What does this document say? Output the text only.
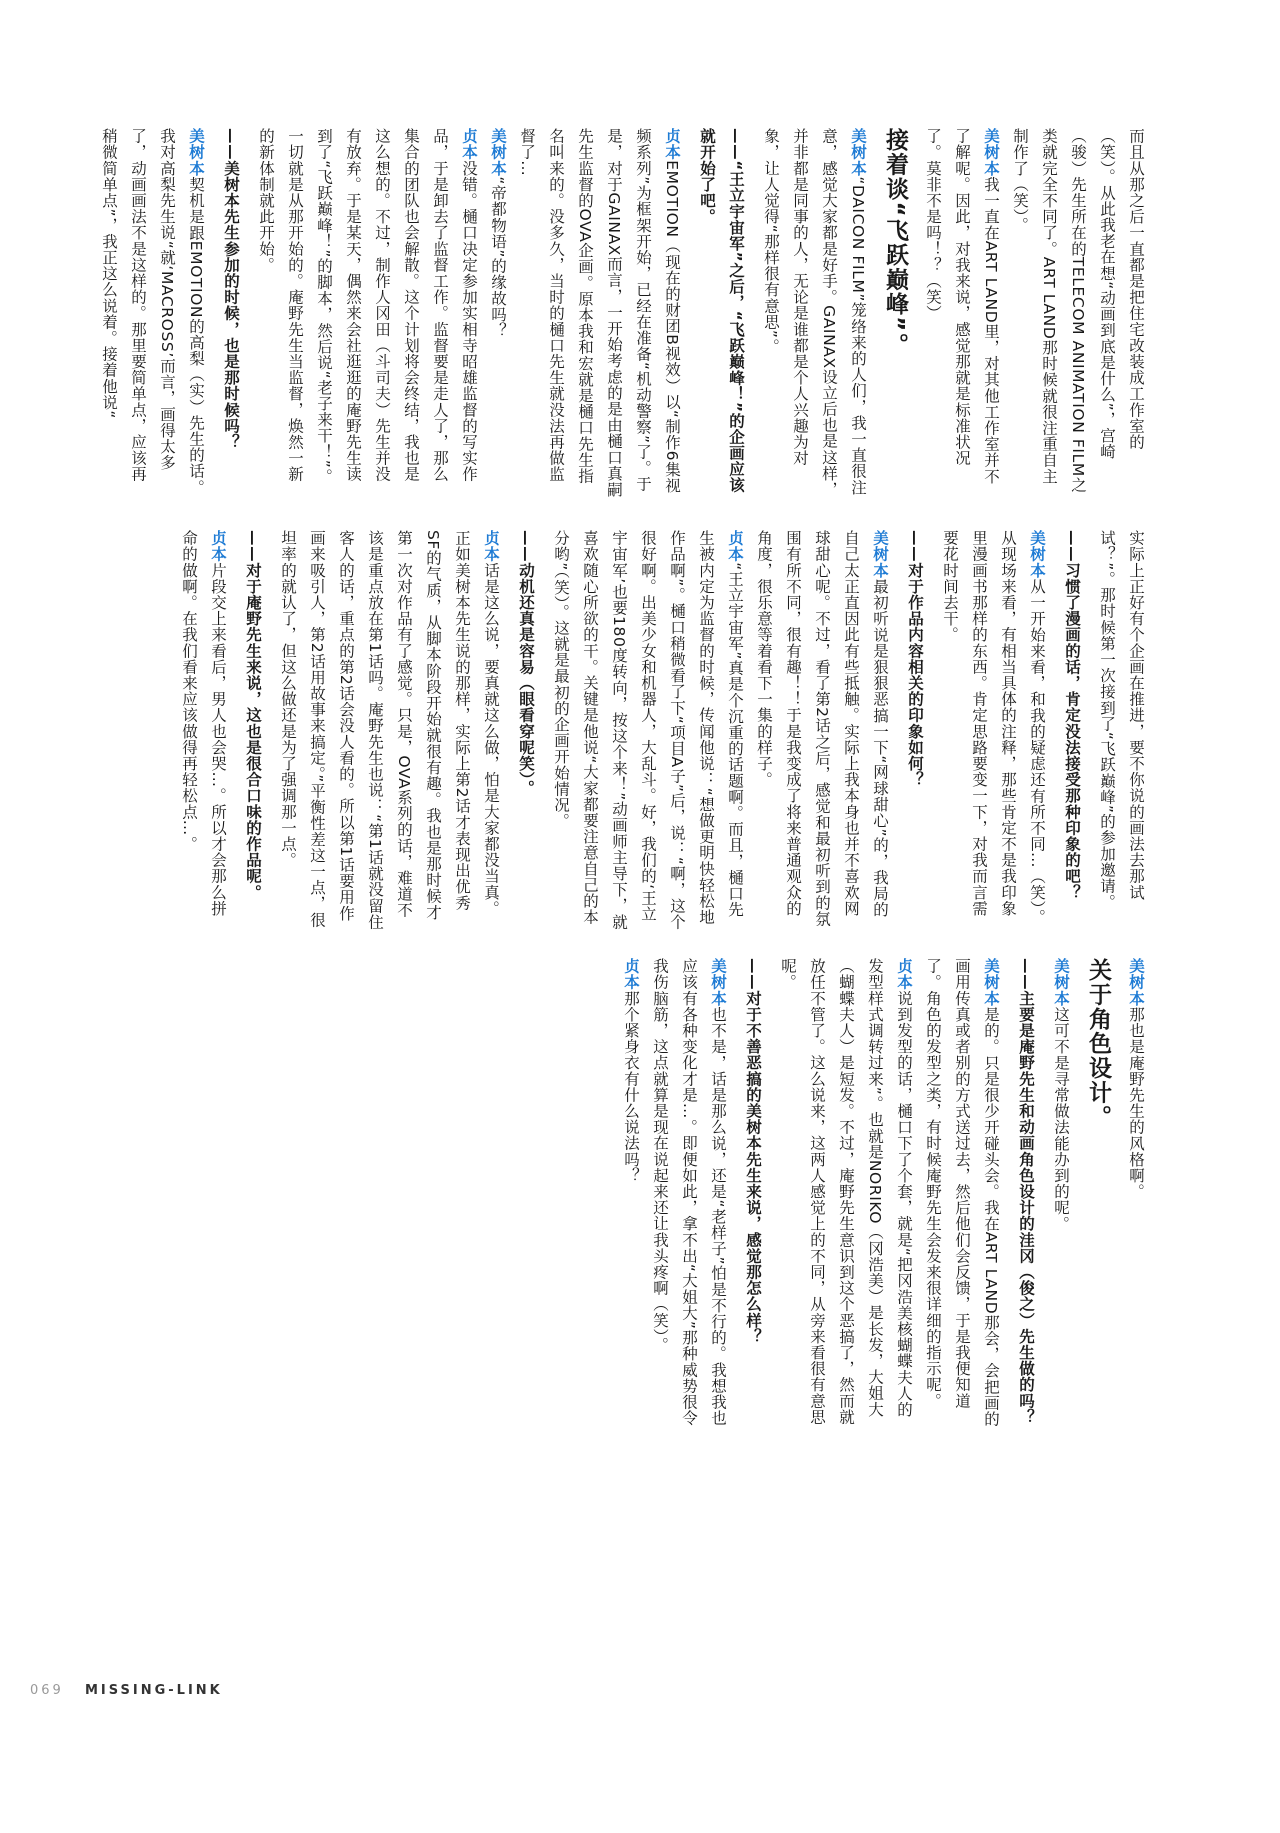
而且从那之后一直都是把住宅改装成工作室的（笑）。从此我老在想“动画到底是什么”，宫崎（骏）先生所在的TELECOM ANIMATION FILM之类就完全不同了。ART LAND那时候就很注重自主制作了（笑）。
美树本我一直在ART LAND里，对其他工作室并不了解呢。因此，对我来说，感觉那就是标准状况了。莫非不是吗！？（笑）
接着谈“飞跃巅峰”。
美树本“DAICON FILM”笼络来的人们，我一直很注意，感觉大家都是好手。GAINAX设立后也是这样，并非都是同事的人，无论是谁都是个人兴趣为对象，让人觉得“那样很有意思”。
——“王立宇宙军”之后，“飞跃巅峰！”的企画应该就开始了吧。
贞本EMOTION（现在的财团B视效）以“制作6集视频系列”为框架开始，已经在准备“机动警察”了。于是，对于GAINAX而言，一开始考虑的是由樋口真嗣先生监督的OVA企画。原本我和宏就是樋口先生指名叫来的。没多久，当时的樋口先生就没法再做监督了…
美树本“帝都物语”的缘故吗？
贞本没错。樋口决定参加实相寺昭雄监督的写实作品，于是卸去了监督工作。监督要是走人了，那么集合的团队也会解散。这个计划将会终结，我也是这么想的。不过，制作人冈田（斗司夫）先生并没有放弃。于是某天，偶然来会社逛逛的庵野先生读到了“飞跃巅峰！”的脚本，然后说“老子来干！”。一切就是从那开始的。庵野先生当监督，焕然一新的新体制就此开始。
——美树本先生参加的时候，也是那时候吗？
美树本契机是跟EMOTION的高梨（实）先生的话。我对高梨先生说“就‘MACROSS’而言，画得太多了，动画画法不是这样的。那里要简单点，应该再稍微简单点”，我正这么说着。接着他说“
实际上正好有个企画在推进，要不你说的画法去那试试？”。那时候第一次接到了“飞跃巅峰”的参加邀请。
——习惯了漫画的话，肯定没法接受那种印象的吧？
美树本从一开始来看，和我的疑虑还有所不同…（笑）。从现场来看，有相当具体的注释，那些肯定不是我印象里漫画书那样的东西。肯定思路要变一下，对我而言需要花时间去干。
——对于作品内容相关的印象如何？
美树本最初听说是狠狠恶搞一下“网球甜心”的，我局的自己太正直因此有些抵触。实际上我本身也并不喜欢网球甜心呢。不过，看了第2话之后，感觉和最初听到的氛围有所不同，很有趣！！于是我变成了将来普通观众的角度，很乐意等着看下一集的样子。
贞本“王立宇宙军”真是个沉重的话题啊。而且，樋口先生被内定为监督的时候，传闻他说：“想做更明快轻松地作品啊”。樋口稍微看了下“项目A子”后，说：“啊，这个很好啊。出美少女和机器人，大乱斗。好，我们的‘王立宇宙军’也要180度转向，按这个来！”动画师主导下，就喜欢随心所欲的干。关键是他说“大家都要注意自己的本分哟”（笑）。这就是最初的企画开始情况。
——动机还真是容易（眼看穿呢笑）。
贞本话是这么说，要真就这么做，怕是大家都没当真。正如美树本先生说的那样，实际上第2话才表现出优秀SF的气质，从脚本阶段开始就很有趣。我也是那时候才第一次对作品有了感觉。只是，OVA系列的话，难道不该是重点放在第1话吗。庵野先生也说：“第1话就没留住客人的话，重点的第2话会没人看的。所以第1话要用作画来吸引人，第2话用故事来搞定。”平衡性差这一点，很坦率的就认了，但这么做还是为了强调那一点。
——对于庵野先生来说，这也是很合口味的作品呢。
贞本片段交上来看后，男人也会哭…。所以才会那么拼命的做啊。在我们看来应该做得再轻松点…。
美树本那也是庵野先生的风格啊。
关于角色设计。
美树本这可不是寻常做法能办到的呢。
——主要是庵野先生和动画角色设计的洼冈（俊之）先生做的吗？
美树本是的。只是很少开碰头会。我在ART LAND那会，会把画的画用传真或者别的方式送过去，然后他们会反馈，于是我便知道了。角色的发型之类，有时候庵野先生会发来很详细的指示呢。
贞本说到发型的话，樋口下了个套，就是“把冈浩美核蝴蝶夫人的发型样式调转过来”。也就是NORIKO（冈浩美）是长发，大姐大（蝴蝶夫人）是短发。不过，庵野先生意识到这个恶搞了，然而就放任不管了。这么说来，这两人感觉上的不同，从旁来看很有意思呢。
——对于不善恶搞的美树本先生来说，感觉那怎么样？
美树本也不是，话是那么说，还是“老样子”怕是不行的。我想我也应该有各种变化才是…。即便如此，拿不出“大姐大”那种威势很令我伤脑筋，这点就算是现在说起来还让我头疼啊（笑）。
贞本那个紧身衣有什么说法吗？
069 MISSING-LINK
